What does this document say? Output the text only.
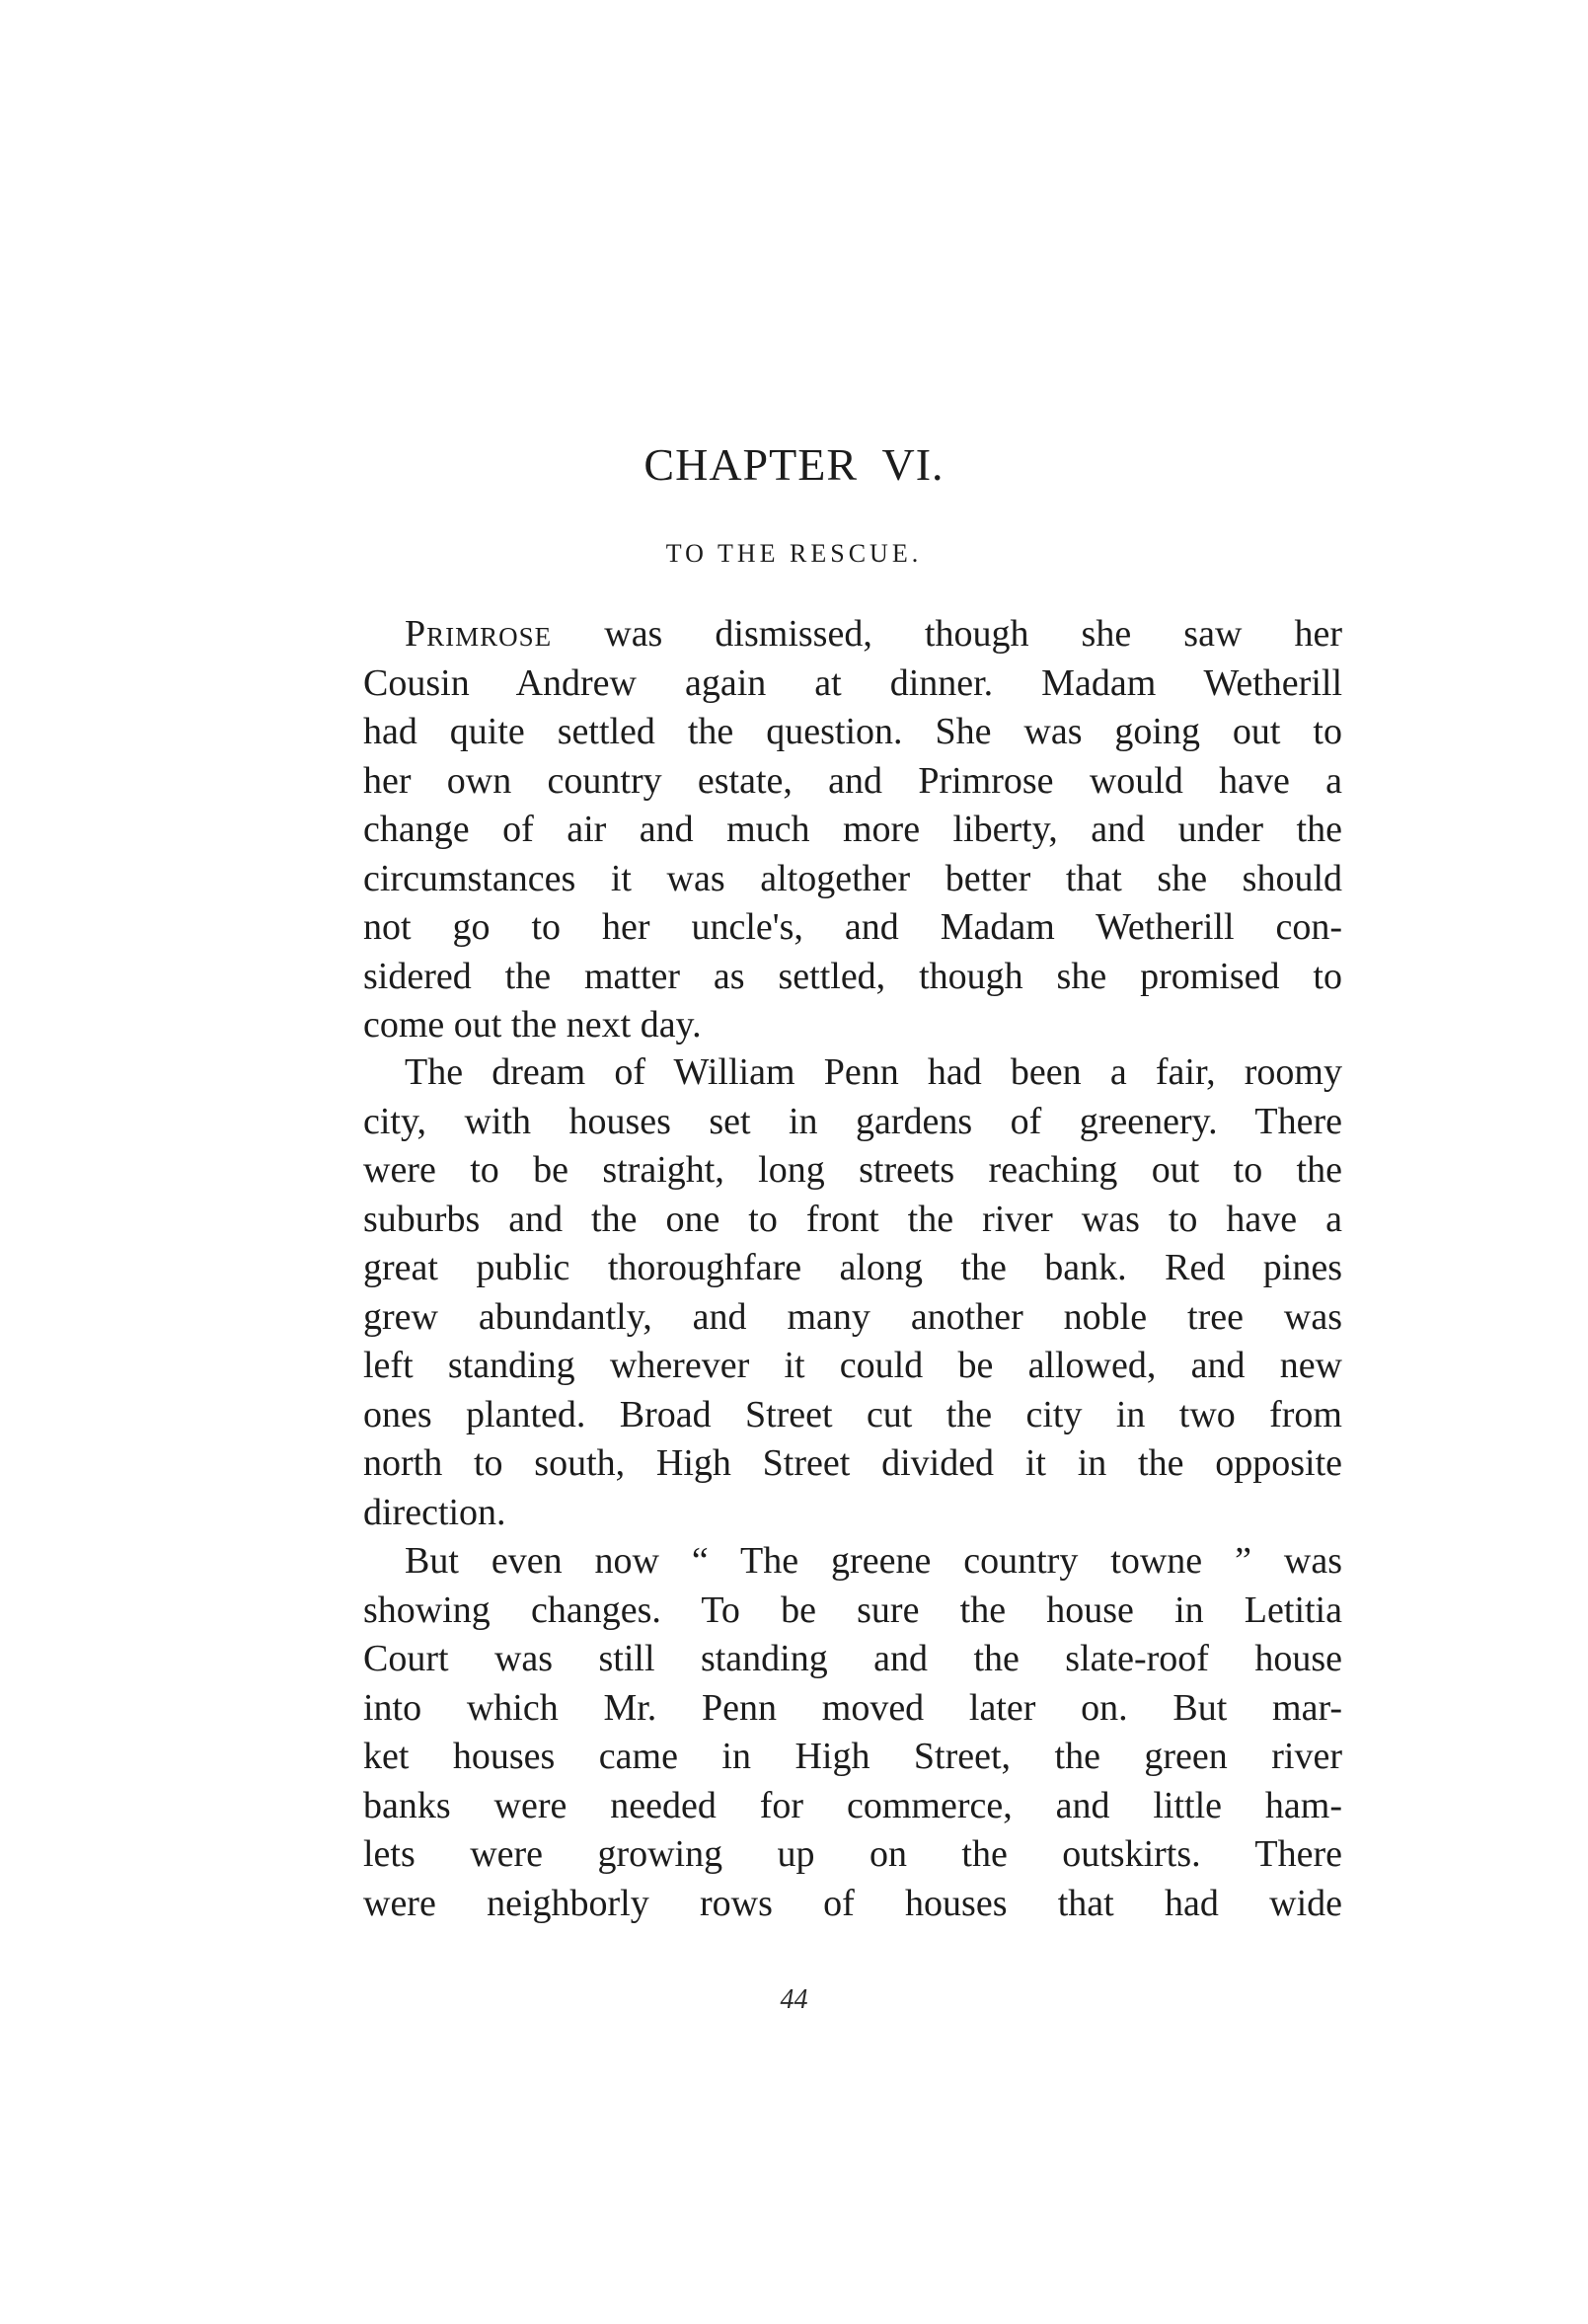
CHAPTER VI.
TO THE RESCUE.
Primrose was dismissed, though she saw her
Cousin Andrew again at dinner. Madam Wetherill
had quite settled the question. She was going out to
her own country estate, and Primrose would have a
change of air and much more liberty, and under the
circumstances it was altogether better that she should
not go to her uncle's, and Madam Wetherill con-
sidered the matter as settled, though she promised to
come out the next day.
The dream of William Penn had been a fair, roomy
city, with houses set in gardens of greenery. There
were to be straight, long streets reaching out to the
suburbs and the one to front the river was to have a
great public thoroughfare along the bank. Red pines
grew abundantly, and many another noble tree was
left standing wherever it could be allowed, and new
ones planted. Broad Street cut the city in two from
north to south, High Street divided it in the opposite
direction.
But even now “ The greene country towne ” was
showing changes. To be sure the house in Letitia
Court was still standing and the slate-roof house
into which Mr. Penn moved later on. But mar-
ket houses came in High Street, the green river
banks were needed for commerce, and little ham-
lets were growing up on the outskirts. There
were neighborly rows of houses that had wide
44
